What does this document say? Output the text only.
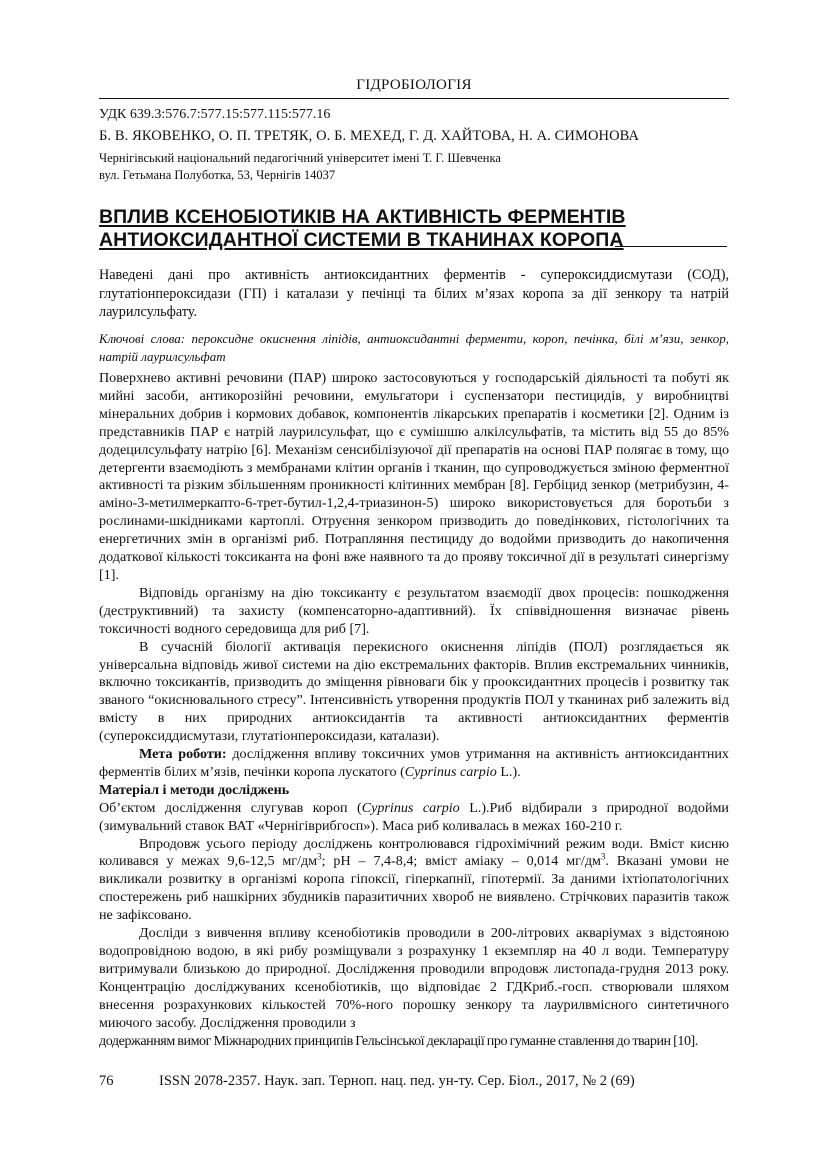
ГІДРОБІОЛОГІЯ
УДК 639.3:576.7:577.15:577.115:577.16
Б. В. ЯКОВЕНКО, О. П. ТРЕТЯК, О. Б. МЕХЕД, Г. Д. ХАЙТОВА, Н. А. СИМОНОВА
Чернігівський національний педагогічний університет імені Т. Г. Шевченка
вул. Гетьмана Полуботка, 53, Чернігів 14037
ВПЛИВ КСЕНОБІОТИКІВ НА АКТИВНІСТЬ ФЕРМЕНТІВ
АНТИОКСИДАНТНОЇ СИСТЕМИ В ТКАНИНАХ КОРОПА
Наведені дані про активність антиоксидантних ферментів - супероксиддисмутази (СОД), глутатіонпероксидази (ГП) і каталази у печінці та білих м’язах коропа за дії зенкору та натрій лаурилсульфату.
Ключові слова: пероксидне окиснення ліпідів, антиоксидантні ферменти, короп, печінка, білі м’язи, зенкор, натрій лаурилсульфат

Поверхнево активні речовини (ПАР) широко застосовуються у господарській діяльності та побуті як мийні засоби, антикорозійні речовини, емульгатори і суспензатори пестицидів, у виробництві мінеральних добрив і кормових добавок, компонентів лікарських препаратів і косметики [2]. Одним із представників ПАР є натрій лаурилсульфат, що є сумішшю алкілсульфатів, та містить від 55 до 85% додецилсульфату натрію [6]. Механізм сенсибілізуючої дії препаратів на основі ПАР полягає в тому, що детергенти взаємодіють з мембранами клітин органів і тканин, що супроводжується зміною ферментної активності та різким збільшенням проникності клітинних мембран [8]. Гербіцид зенкор (метрибузин, 4-аміно-3-метилмеркапто-6-трет-бутил-1,2,4-триазинон-5) широко використовується для боротьби з рослинами-шкідниками картоплі. Отруєння зенкором призводить до поведінкових, гістологічних та енергетичних змін в організмі риб. Потрапляння пестициду до водойми призводить до накопичення додаткової кількості токсиканта на фоні вже наявного та до прояву токсичної дії в результаті синергізму [1].

Відповідь організму на дію токсиканту є результатом взаємодії двох процесів: пошкодження (деструктивний) та захисту (компенсаторно-адаптивний). Їх співвідношення визначає рівень токсичності водного середовища для риб [7].

В сучасній біології активація перекисного окиснення ліпідів (ПОЛ) розглядається як універсальна відповідь живої системи на дію екстремальних факторів. Вплив екстремальних чинників, включно токсикантів, призводить до зміщення рівноваги бік у прооксидантних процесів і розвитку так званого “окиснювального стресу”. Інтенсивність утворення продуктів ПОЛ у тканинах риб залежить від вмісту в них природних антиоксидантів та активності антиоксидантних ферментів (супероксиддисмутази, глутатіонпероксидази, каталази).

Мета роботи: дослідження впливу токсичних умов утримання на активність антиоксидантних ферментів білих м’язів, печінки коропа лускатого (Cyprinus carpio L.).

Матеріал і методи досліджень

Об’єктом дослідження слугував короп (Cyprinus carpio L.).Риб відбирали з природної водойми (зимувальний ставок ВАТ «Чернігіврибгосп»). Маса риб коливалась в межах 160-210 г.

Впродовж усього періоду досліджень контролювався гідрохімічний режим води. Вміст кисню коливався у межах 9,6-12,5 $мг/дм^3$; pH – 7,4-8,4; вміст аміаку – 0,014 $мг/дм^3$. Вказані умови не викликали розвитку в організмі коропа гіпоксії, гіперкапнії, гіпотермії. За даними іхтіопатологічних спостережень риб нашкірних збудників паразитичних хвороб не виявлено. Стрічкових паразитів також не зафіксовано.

Досліди з вивчення впливу ксенобіотиків проводили в 200-літрових акваріумах з відстояною водопровідною водою, в які рибу розміщували з розрахунку 1 екземпляр на 40 л води. Температуру витримували близькою до природної. Дослідження проводили впродовж листопада-грудня 2013 року. Концентрацію досліджуваних ксенобіотиків, що відповідає 2 ГДКриб.-госп. створювали шляхом внесення розрахункових кількостей 70%-ного порошку зенкору та лаурилвмісного синтетичного миючого засобу. Дослідження проводили з

додержанням вимог Міжнародних принципів Гельсінської декларації про гуманне ставлення до тварин [10].

76	ISSN 2078-2357. Наук. зап. Терноп. нац. пед. ун-ту. Сер. Біол., 2017, № 2 (69)
